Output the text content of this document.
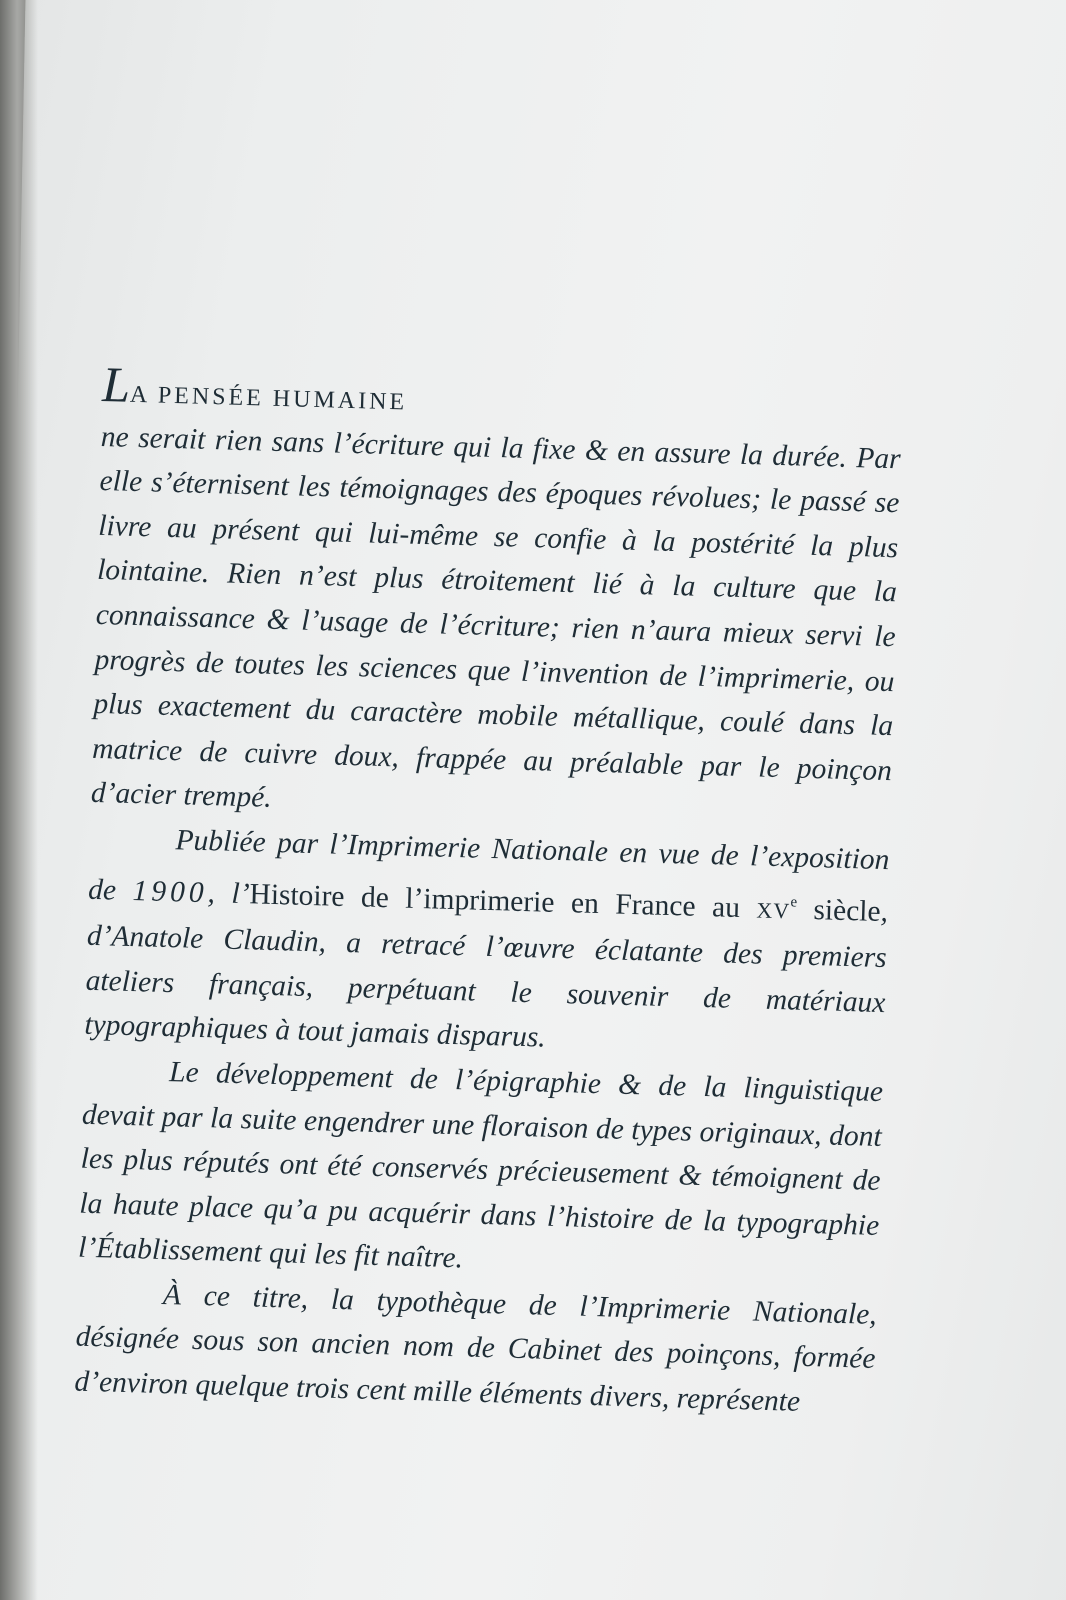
LA PENSÉE HUMAINE

ne serait rien sans l’écriture qui la fixe & en assure la durée. Par elle s’éternisent les témoignages des époques révolues; le passé se livre au présent qui lui-même se confie à la postérité la plus lointaine. Rien n’est plus étroitement lié à la culture que la connaissance & l’usage de l’écriture; rien n’aura mieux servi le progrès de toutes les sciences que l’invention de l’imprimerie, ou plus exactement du caractère mobile métallique, coulé dans la matrice de cuivre doux, frappée au préalable par le poinçon d’acier trempé.

Publiée par l’Imprimerie Nationale en vue de l’exposition de 1900, l’Histoire de l’imprimerie en France au XVe siècle, d’Anatole Claudin, a retracé l’œuvre éclatante des premiers ateliers français, perpétuant le souvenir de matériaux typographiques à tout jamais disparus.

Le développement de l’épigraphie & de la linguistique devait par la suite engendrer une floraison de types originaux, dont les plus réputés ont été conservés précieusement & témoignent de la haute place qu’a pu acquérir dans l’histoire de la typographie l’Établissement qui les fit naître.

À ce titre, la typothèque de l’Imprimerie Nationale, désignée sous son ancien nom de Cabinet des poinçons, formée d’environ quelque trois cent mille éléments divers, représente
